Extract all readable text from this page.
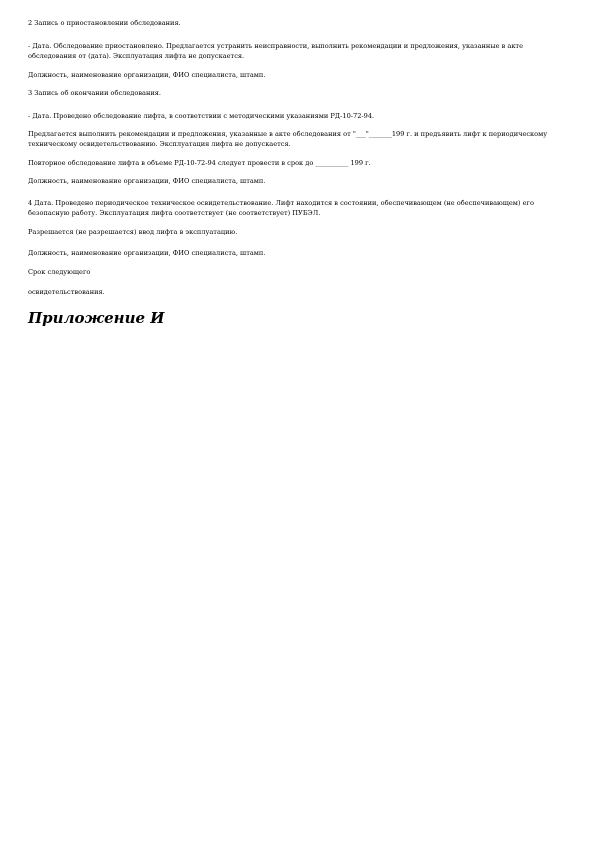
2 Запись о приостановлении обследования.

- Дата. Обследование приостановлено. Предлагается устранить неисправности, выполнить рекомендации и предложения, указанные в акте обследования от (дата). Эксплуатация лифта не допускается.

Должность, наименование организации, ФИО специалиста, штамп.

3 Запись об окончании обследования.

- Дата. Проведено обследование лифта, в соответствии с методическими указаниями РД-10-72-94.

Предлагается выполнить рекомендации и предложения, указанные в акте обследования от "___"_______199 г. и предъявить лифт к периодическому техническому освидетельствованию. Эксплуатация лифта не допускается.

Повторное обследование лифта в объеме РД-10-72-94 следует провести в срок до __________ 199 г.

Должность, наименование организации, ФИО специалиста, штамп.

4 Дата. Проведено периодическое техническое освидетельствование. Лифт находится в состоянии, обеспечивающем (не обеспечивающем) его безопасную работу. Эксплуатация лифта соответствует (не соответствует) ПУБЭЛ.

Разрешается (не разрешается) ввод лифта в эксплуатацию.

Должность, наименование организации, ФИО специалиста, штамп.

Срок следующего

освидетельствования.

Приложение И
